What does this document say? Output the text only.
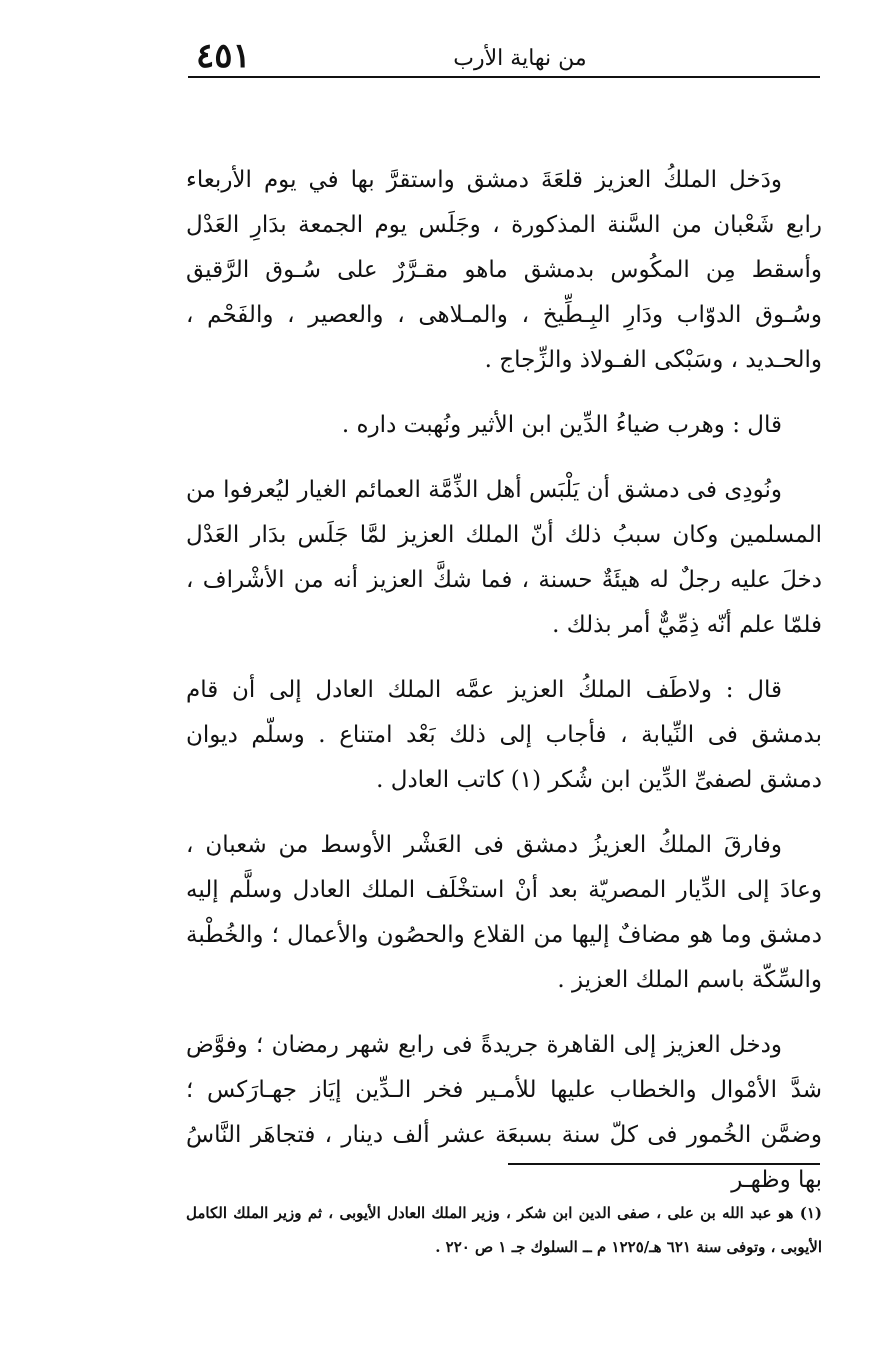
٤٥١	من نهاية الأرب

ودَخل الملكُ العزيز قلعَةَ دمشق واستقرَّ بها في يوم الأربعاء رابع شَعْبان من السَّنة المذكورة ، وجَلَس يوم الجمعة بدَارِ العَدْل وأسقط مِن المكُوس بدمشق ماهو مقـرَّرٌ على سُـوق الرَّقيق وسُـوق الدوّاب ودَارِ البِـطِّيخ ، والمـلاهى ، والعصير ، والفَحْم ، والحـديد ، وسَبْكى الفـولاذ والزِّجاج .

قال : وهرب ضياءُ الدِّين ابن الأثير ونُهبت داره .

ونُودِى فى دمشق أن يَلْبَس أهل الذِّمَّة العمائم الغيار ليُعرفوا من المسلمين وكان سببُ ذلك أنّ الملك العزيز لمَّا جَلَس بدَار العَدْل دخلَ عليه رجلٌ له هيئَةٌ حسنة ، فما شكَّ العزيز أنه من الأشْراف ، فلمّا علم أنّه ذِمِّيٌّ أمر بذلك .

قال : ولاطَف الملكُ العزيز عمَّه الملك العادل إلى أن قام بدمشق فى النِّيابة ، فأجاب إلى ذلك بَعْد امتناع . وسلّم ديوان دمشق لصفىِّ الدِّين ابن شُكر (١) كاتب العادل .

وفارقَ الملكُ العزيزُ دمشق فى العَشْر الأوسط من شعبان ، وعادَ إلى الدِّيار المصريّة بعد أنْ استخْلَف الملك العادل وسلَّم إليه دمشق وما هو مضافٌ إليها من القلاع والحصُون والأعمال ؛ والخُطْبة والسِّكّة باسم الملك العزيز .

ودخل العزيز إلى القاهرة جريدةً فى رابع شهر رمضان ؛ وفوَّض شدَّ الأمْوال والخطاب عليها للأمـير فخر الـدِّين إيَاز جهـارَكس ؛ وضمَّن الخُمور فى كلّ سنة بسبعَة عشر ألف دينار ، فتجاهَر النَّاسُ بها وظهـر

(١) هو عبد الله بن على ، صفى الدين ابن شكر ، وزير الملك العادل الأيوبى ، ثم وزير الملك الكامل الأيوبى ، وتوفى سنة ٦٢١ هـ/١٢٢٥ م ــ السلوك جـ ١ ص ٢٢٠ .
